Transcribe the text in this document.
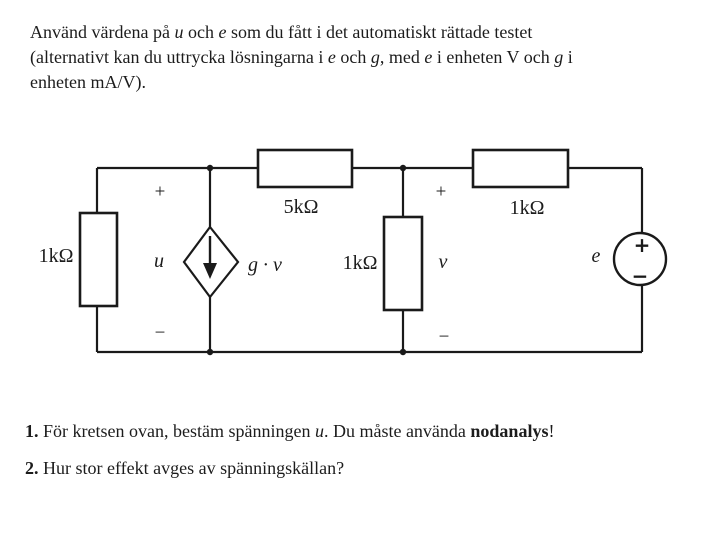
Använd värdena på u och e som du fått i det automatiskt rättade testet
(alternativt kan du uttrycka lösningarna i e och g, med e i enheten V och g i
enheten mA/V).
+
−
1kΩ
+
u
−
g · v
5kΩ
1kΩ
+
v
−
1kΩ
e
1. För kretsen ovan, bestäm spänningen u. Du måste använda nodanalys!
2. Hur stor effekt avges av spänningskällan?
